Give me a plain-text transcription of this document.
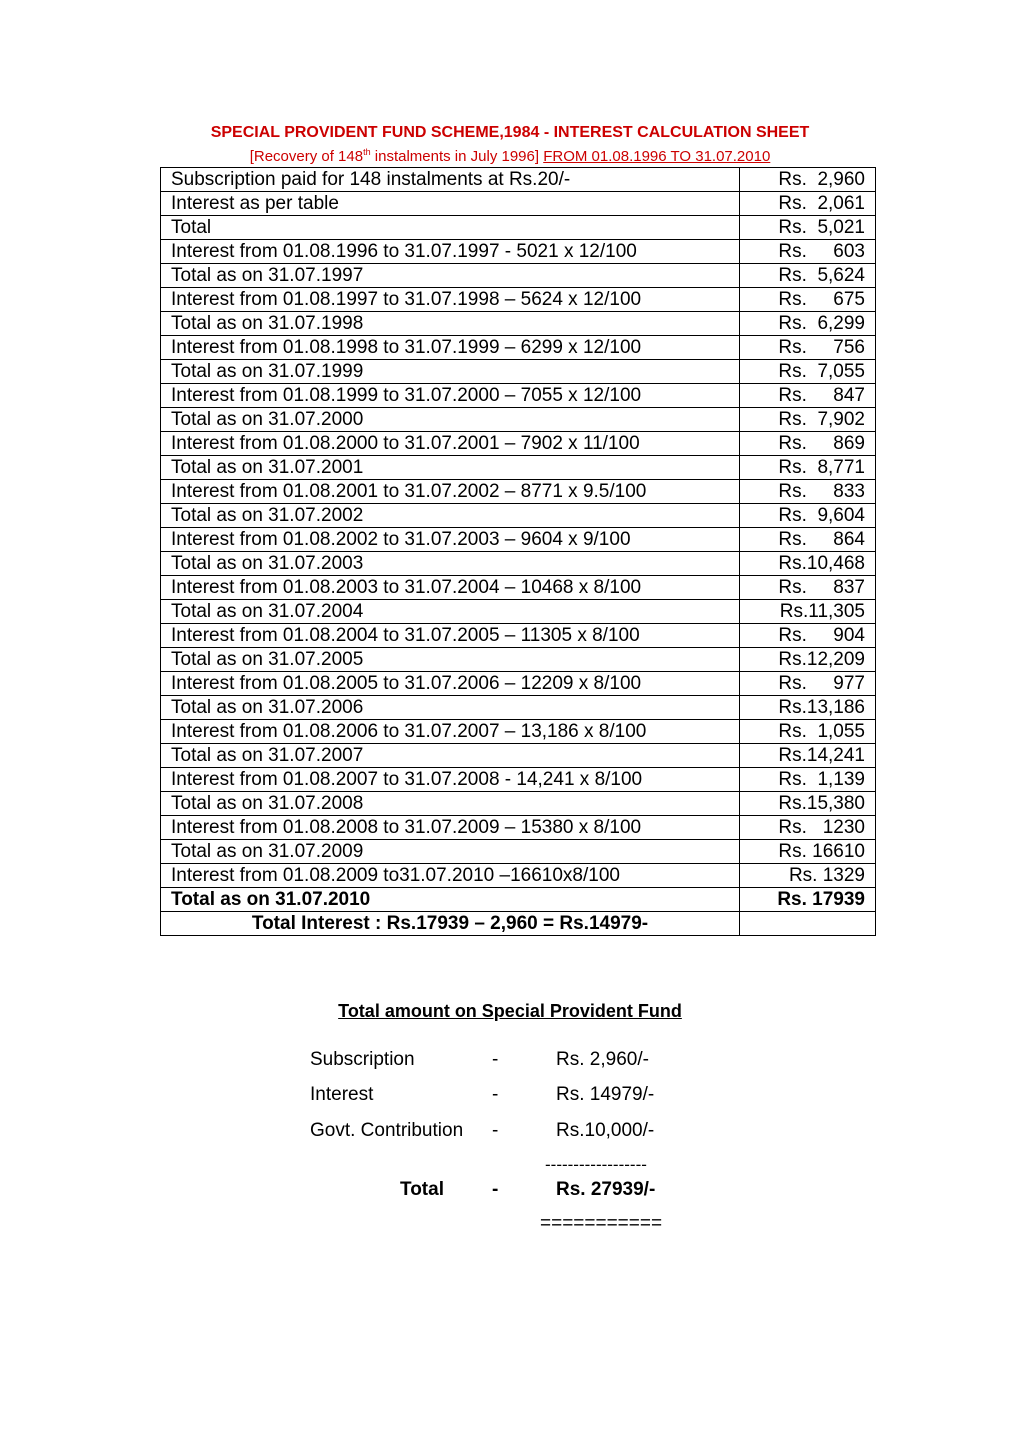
SPECIAL PROVIDENT FUND SCHEME,1984 - INTEREST CALCULATION SHEET
[Recovery of 148th instalments in July 1996] FROM 01.08.1996 TO 31.07.2010
Subscription paid for 148 instalments at Rs.20/-	Rs.  2,960
Interest as per table	Rs.  2,061
Total	Rs.  5,021
Interest from 01.08.1996 to 31.07.1997 - 5021 x 12/100	Rs.     603
Total as on 31.07.1997	Rs.  5,624
Interest from 01.08.1997 to 31.07.1998 – 5624 x 12/100	Rs.     675
Total as on 31.07.1998	Rs.  6,299
Interest from 01.08.1998 to 31.07.1999 – 6299 x 12/100	Rs.     756
Total as on 31.07.1999	Rs.  7,055
Interest from 01.08.1999 to 31.07.2000 – 7055 x 12/100	Rs.     847
Total as on 31.07.2000	Rs.  7,902
Interest from 01.08.2000 to 31.07.2001 – 7902 x 11/100	Rs.     869
Total as on 31.07.2001	Rs.  8,771
Interest from 01.08.2001 to 31.07.2002 – 8771 x 9.5/100	Rs.     833
Total as on 31.07.2002	Rs.  9,604
Interest from 01.08.2002 to 31.07.2003 – 9604 x 9/100	Rs.     864
Total as on 31.07.2003	Rs.10,468
Interest from 01.08.2003 to 31.07.2004 – 10468 x 8/100	Rs.     837
Total as on 31.07.2004	Rs.11,305
Interest from 01.08.2004 to 31.07.2005 – 11305 x 8/100	Rs.     904
Total as on 31.07.2005	Rs.12,209
Interest from 01.08.2005 to 31.07.2006 – 12209 x 8/100	Rs.     977
Total as on 31.07.2006	Rs.13,186
Interest from 01.08.2006 to 31.07.2007 – 13,186 x 8/100	Rs.  1,055
Total as on 31.07.2007	Rs.14,241
Interest from 01.08.2007 to 31.07.2008 - 14,241 x 8/100	Rs.  1,139
Total as on 31.07.2008	Rs.15,380
Interest from 01.08.2008 to 31.07.2009 – 15380 x 8/100	Rs.   1230
Total as on 31.07.2009	Rs. 16610
Interest from 01.08.2009 to31.07.2010 –16610x8/100	Rs. 1329
Total as on 31.07.2010	Rs. 17939
Total Interest : Rs.17939 – 2,960 = Rs.14979-	
Total amount on Special Provident Fund
Subscription	-	Rs. 2,960/-
Interest	-	Rs. 14979/-
Govt. Contribution -	Rs.10,000/-
------------------
Total	-	Rs. 27939/-
===========
